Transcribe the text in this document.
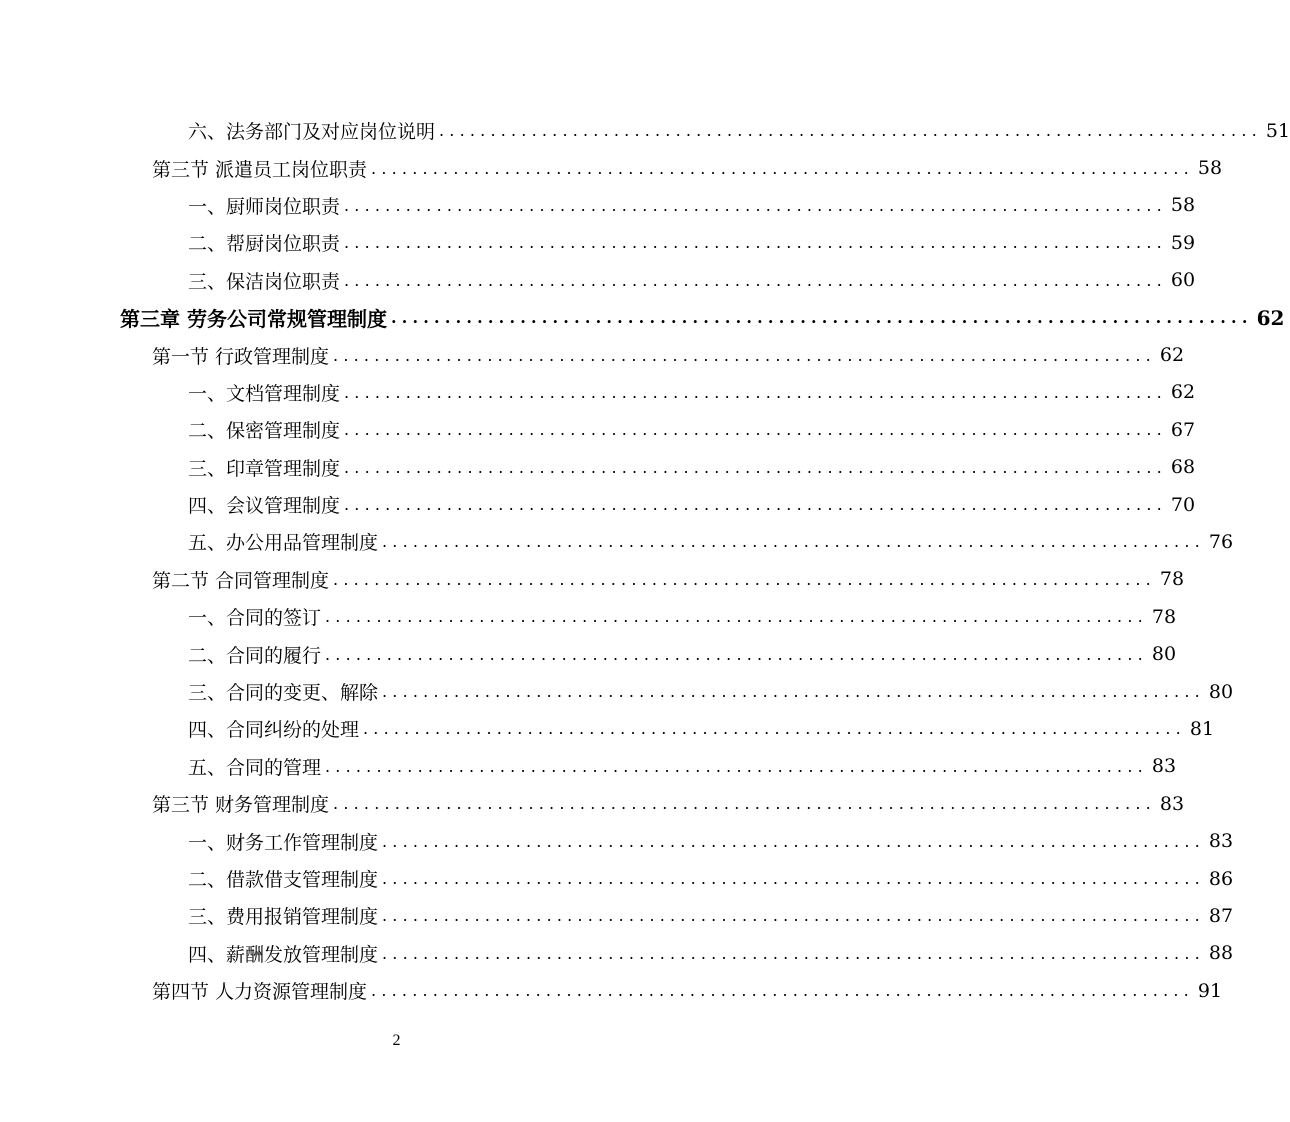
六、法务部门及对应岗位说明 ................................................................................ 51
第三节 派遣员工岗位职责 ................................................................................ 58
一、厨师岗位职责 ................................................................................ 58
二、帮厨岗位职责 ................................................................................ 59
三、保洁岗位职责 ................................................................................ 60
第三章 劳务公司常规管理制度 ................................................................................ 62
第一节 行政管理制度 ................................................................................ 62
一、文档管理制度 ................................................................................ 62
二、保密管理制度 ................................................................................ 67
三、印章管理制度 ................................................................................ 68
四、会议管理制度 ................................................................................ 70
五、办公用品管理制度 ................................................................................ 76
第二节 合同管理制度 ................................................................................ 78
一、合同的签订 ................................................................................ 78
二、合同的履行 ................................................................................ 80
三、合同的变更、解除 ................................................................................ 80
四、合同纠纷的处理 ................................................................................ 81
五、合同的管理 ................................................................................ 83
第三节 财务管理制度 ................................................................................ 83
一、财务工作管理制度 ................................................................................ 83
二、借款借支管理制度 ................................................................................ 86
三、费用报销管理制度 ................................................................................ 87
四、薪酬发放管理制度 ................................................................................ 88
第四节 人力资源管理制度 ................................................................................ 91
2
